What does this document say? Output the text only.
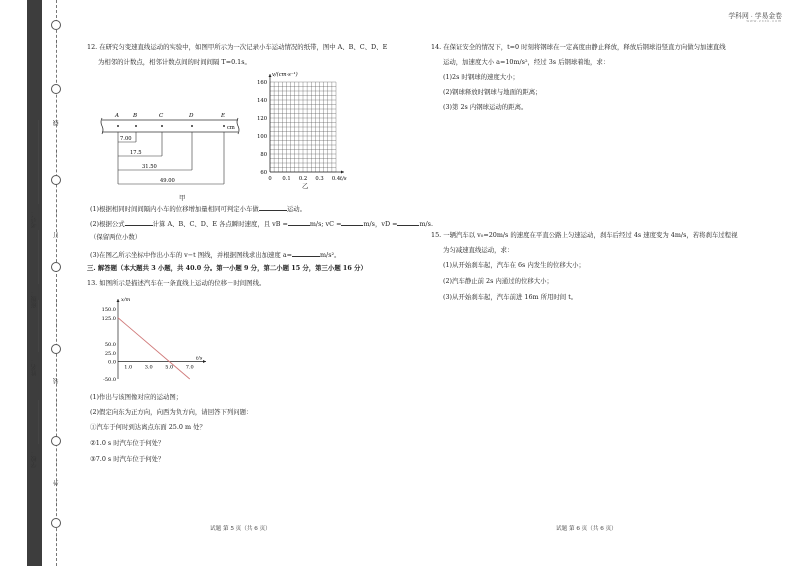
…
线
…
…
订
…
…
装
…
…
外
…
…
学校：
姓名：
班级：
考号：
学科网 · 学易金卷
www.zxxk.com
12. 在研究匀变速直线运动的实验中，如图甲所示为一次记录小车运动情况的纸带，图中 A、B、C、D、E
为相邻的计数点，相邻计数点间的时间间隔 T=0.1s。
A B	C	D	E
cm
7.00
17.5
31.50
49.00
甲
60
80
100
120
140
160
0 0.1 0.2 0.3 0.4
v/(cm·s⁻¹)
t/s
乙
(1)根据相同时间间隔内小车的位移增加量相同可判定小车做	运动。
(2)根据公式	计算 A、B、C、D、E 各点瞬时速度，且 vB =	m/s; vC =	m/s，vD =	m/s.
（保留两位小数）
(3)在图乙所示坐标中作出小车的 v−t 图线，并根据图线求出加速度 a=	m/s²。
三. 解答题（本大题共 3 小题，共 40.0 分。第一小题 9 分，第二小题 15 分，第三小题 16 分）
13. 如图所示是描述汽车在一条直线上运动的位移－时间图线。
150.0
125.0
50.0
25.0
0.0
-50.0
1.0	3.0	5.0	7.0
x/m
t/s
(1)作出与该图像对应的运动图；
(2)假定向东为正方向，向西为负方向，请回答下列问题：
①汽车于何时到达离点东面 25.0 m 处？
②1.0 s 时汽车位于何处？
③7.0 s 时汽车位于何处？
14. 在保证安全的情况下，t=0 时刻将钢球在一定高度由静止释放，释放后钢球沿竖直方向做匀加速直线
运动，加速度大小 a=10m/s²，经过 3s 后钢球着地，求：
(1)2s 时钢球的速度大小；
(2)钢球释放时钢球与地面的距离；
(3)第 2s 内钢球运动的距离。
15. 一辆汽车以 v₀=20m/s 的速度在平直公路上匀速运动，刹车后经过 4s 速度变为 4m/s，若将刹车过程视
为匀减速直线运动，求：
(1)从开始刹车起，汽车在 6s 内发生的位移大小；
(2)汽车静止前 2s 内通过的位移大小；
(3)从开始刹车起，汽车前进 16m 所用时间 t。
试题 第 5 页（共 6 页）	试题 第 6 页（共 6 页）
